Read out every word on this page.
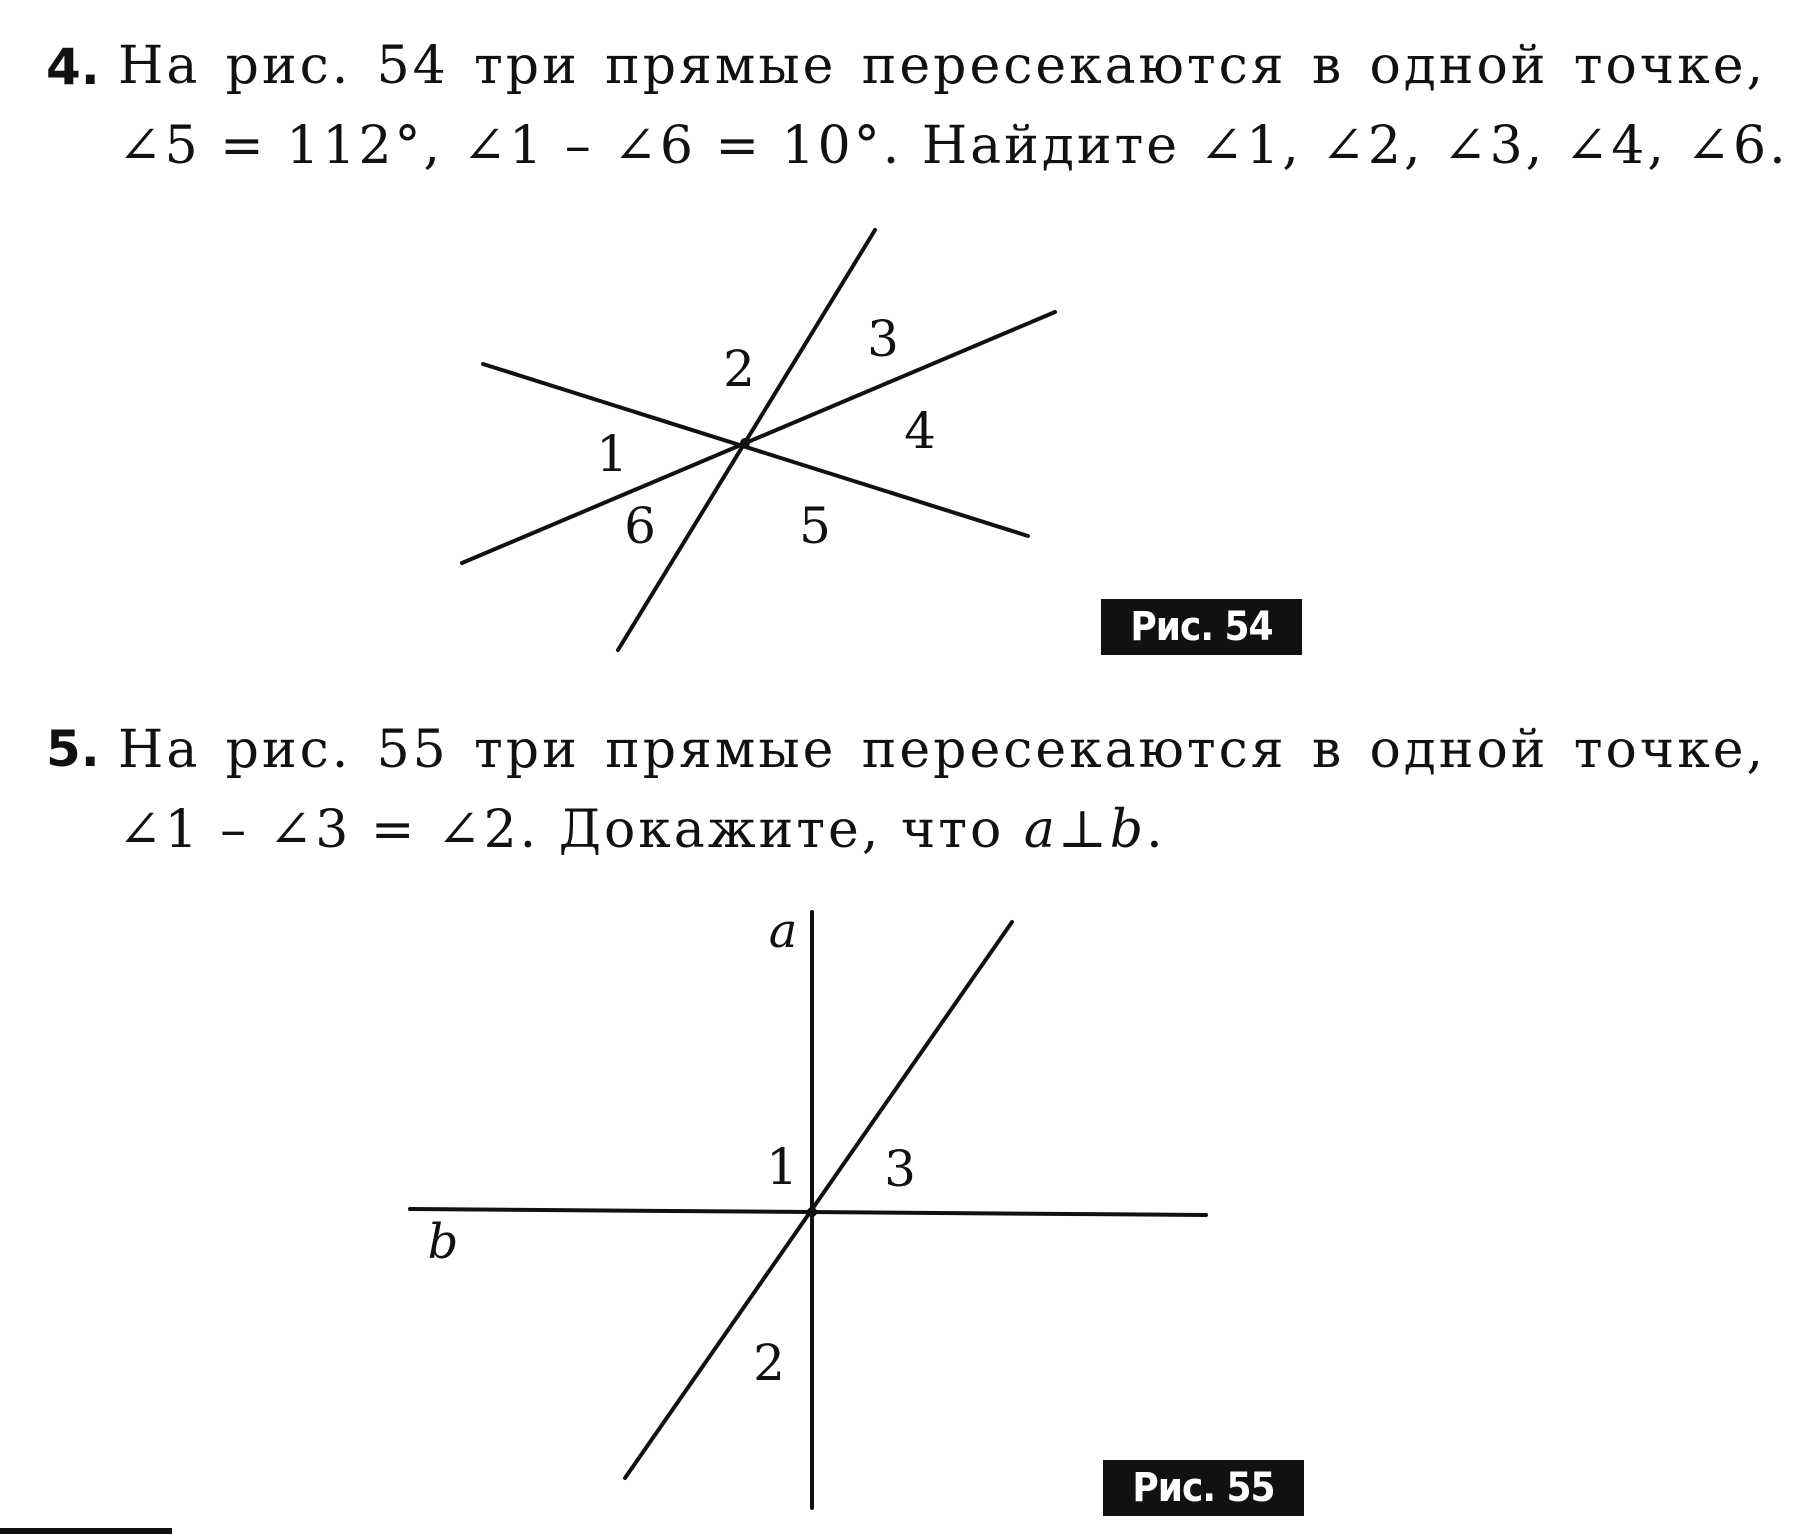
4. На рис. 54 три прямые пересекаются в одной точке,
∠5 = 112°, ∠1 – ∠6 = 10°. Найдите ∠1, ∠2, ∠3, ∠4, ∠6.
1
2
3
4
5
6
a
b
1
2
3
Рис. 54
5. На рис. 55 три прямые пересекаются в одной точке,
∠1 – ∠3 = ∠2. Докажите, что a⊥b.
Рис. 55
